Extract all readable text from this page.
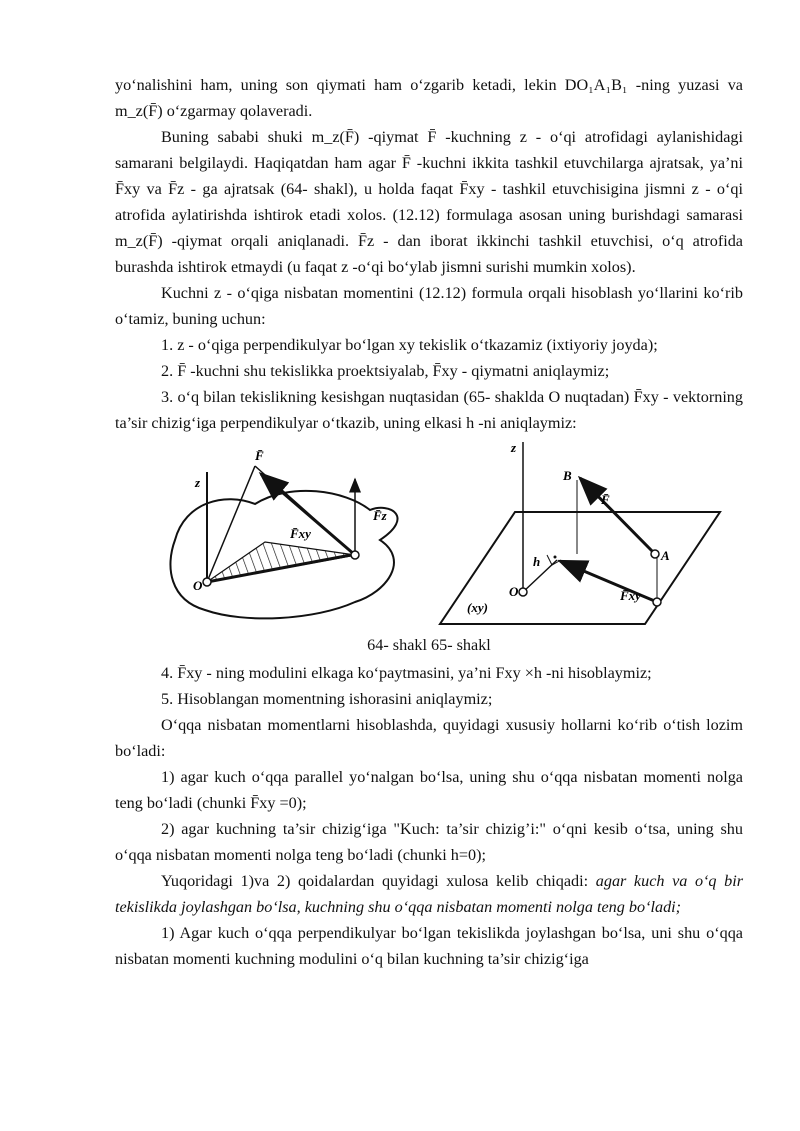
yo‘nalishini ham, uning son qiymati ham o‘zgarib ketadi, lekin DO₁A₁B₁ -ning yuzasi va m_z(F̄) o‘zgarmay qolaveradi.

Buning sababi shuki m_z(F̄) -qiymat F̄ -kuchning z - o‘qi atrofidagi aylanishidagi samarani belgilaydi. Haqiqatdan ham agar F̄ -kuchni ikkita tashkil etuvchilarga ajratsak, ya’ni F̄xy va F̄z - ga ajratsak (64- shakl), u holda faqat F̄xy - tashkil etuvchisigina jismni z - o‘qi atrofida aylatirishda ishtirok etadi xolos. (12.12) formulaga asosan uning burishdagi samarasi m_z(F̄) -qiymat orqali aniqlanadi. F̄z - dan iborat ikkinchi tashkil etuvchisi, o‘q atrofida burashda ishtirok etmaydi (u faqat z -o‘qi bo‘ylab jismni surishi mumkin xolos).

Kuchni z - o‘qiga nisbatan momentini (12.12) formula orqali hisoblash yo‘llarini ko‘rib o‘tamiz, buning uchun:

1. z - o‘qiga perpendikulyar bo‘lgan xy tekislik o‘tkazamiz (ixtiyoriy joyda);

2. F̄ -kuchni shu tekislikka proektsiyalab, F̄xy - qiymatni aniqlaymiz;

3. o‘q bilan tekislikning kesishgan nuqtasidan (65- shaklda O nuqtadan) F̄xy - vektorning ta’sir chizig‘iga perpendikulyar o‘tkazib, uning elkasi h -ni aniqlaymiz:

z
F̄
F̄z
F̄xy
O
z
B
F̄
A
h
O	F̄xy
(xy)

64- shakl 65- shakl

4. F̄xy - ning modulini elkaga ko‘paytmasini, ya’ni Fxy ×h -ni hisoblaymiz;

5. Hisoblangan momentning ishorasini aniqlaymiz;

O‘qqa nisbatan momentlarni hisoblashda, quyidagi xususiy hollarni ko‘rib o‘tish lozim bo‘ladi:

1) agar kuch o‘qqa parallel yo‘nalgan bo‘lsa, uning shu o‘qqa nisbatan momenti nolga teng bo‘ladi (chunki F̄xy =0);

2) agar kuchning ta’sir chizig‘iga "Kuch: ta’sir chizig’i:" o‘qni kesib o‘tsa, uning shu o‘qqa nisbatan momenti nolga teng bo‘ladi (chunki h=0);

Yuqoridagi 1)va 2) qoidalardan quyidagi xulosa kelib chiqadi: agar kuch va o‘q bir tekislikda joylashgan bo‘lsa, kuchning shu o‘qqa nisbatan momenti nolga teng bo‘ladi;

1) Agar kuch o‘qqa perpendikulyar bo‘lgan tekislikda joylashgan bo‘lsa, uni shu o‘qqa nisbatan momenti kuchning modulini o‘q bilan kuchning ta’sir chizig‘iga
